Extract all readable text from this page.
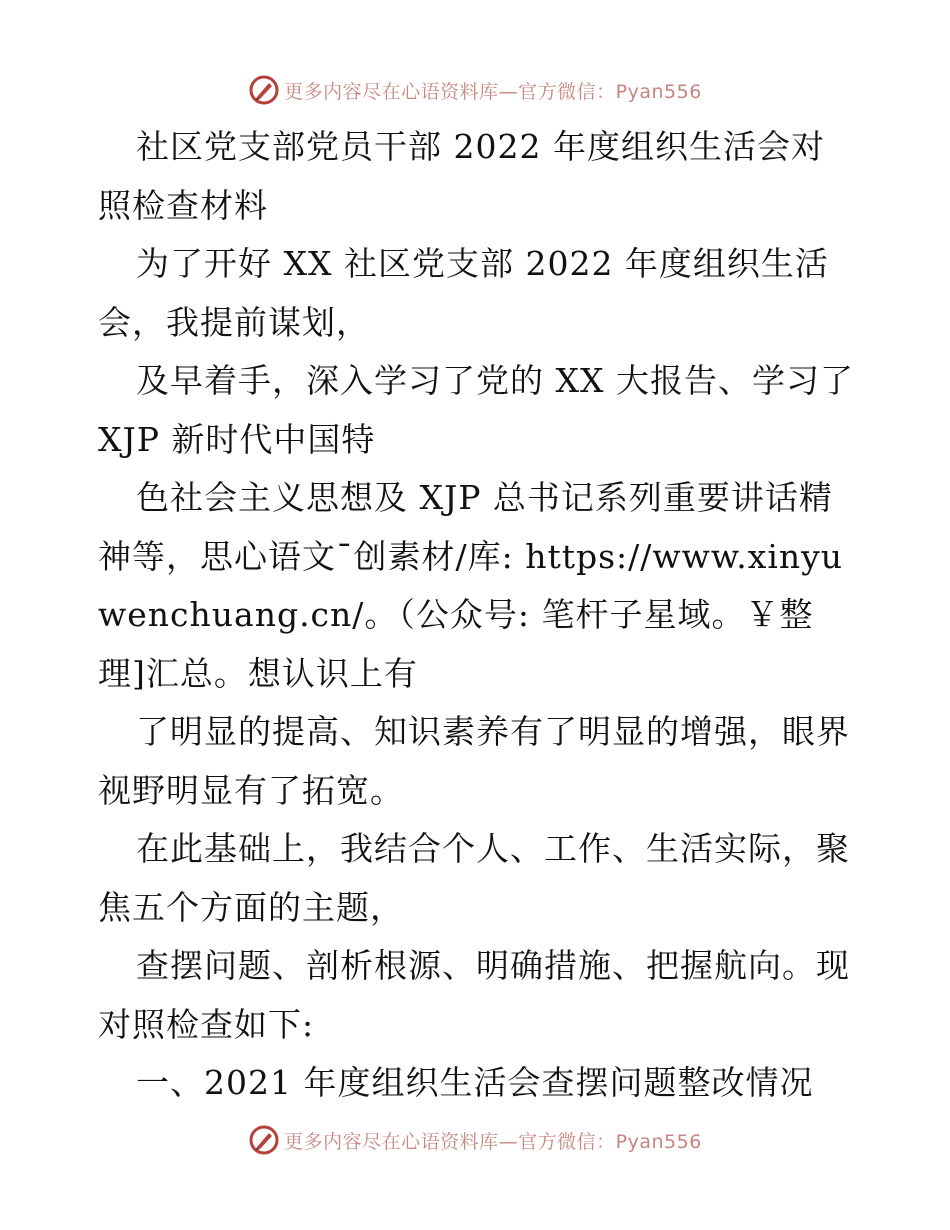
更多内容尽在心语资料库—官方微信：Pyan556

社区党支部党员干部 2022 年度组织生活会对照检查材料

为了开好 XX 社区党支部 2022 年度组织生活会，我提前谋划，

及早着手，深入学习了党的 XX 大报告、学习了 XJP 新时代中国特

色社会主义思想及 XJP 总书记系列重要讲话精神等，思心语文¯创素材/库: https://www.xinyuwenchuang.cn/。（公众号: 笔杆子星域。￥整理]汇总。想认识上有

了明显的提高、知识素养有了明显的增强，眼界视野明显有了拓宽。

在此基础上，我结合个人、工作、生活实际，聚焦五个方面的主题，

查摆问题、剖析根源、明确措施、把握航向。现对照检查如下:

一、2021 年度组织生活会查摆问题整改情况

更多内容尽在心语资料库—官方微信：Pyan556
